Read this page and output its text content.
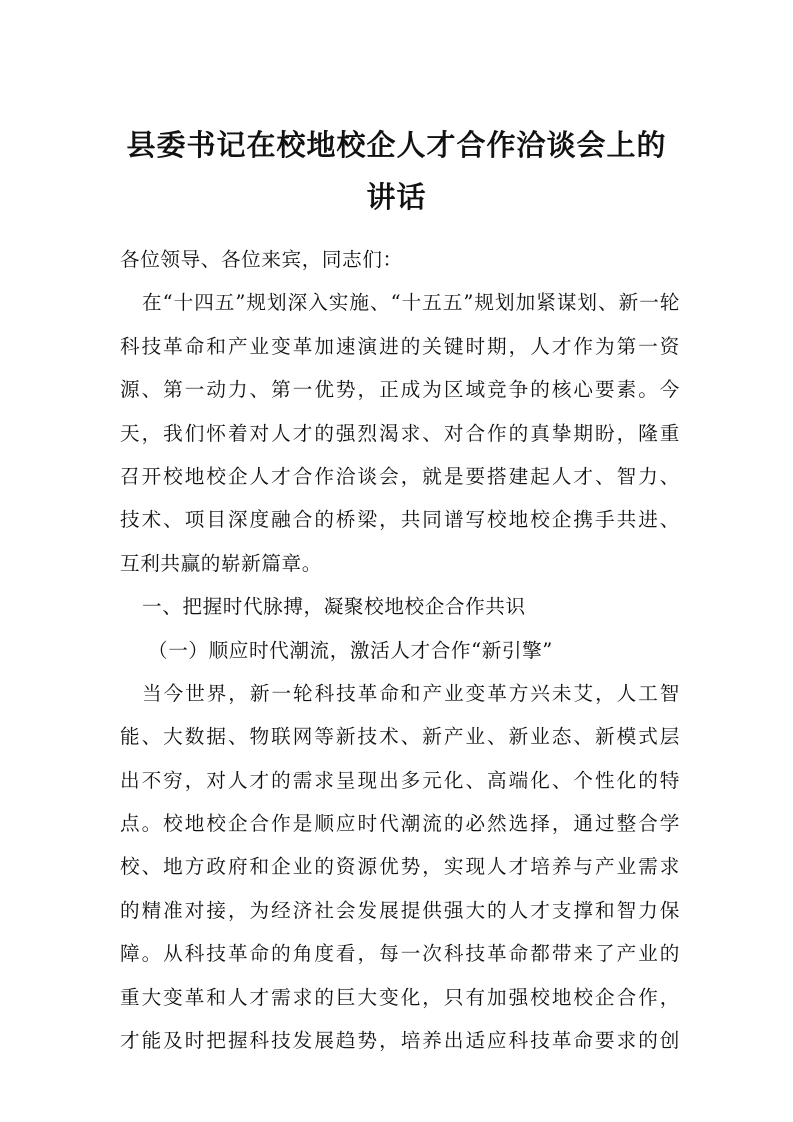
县委书记在校地校企人才合作洽谈会上的
讲话
各位领导、各位来宾，同志们：
在“十四五”规划深入实施、“十五五”规划加紧谋划、新一轮
科技革命和产业变革加速演进的关键时期，人才作为第一资
源、第一动力、第一优势，正成为区域竞争的核心要素。今
天，我们怀着对人才的强烈渴求、对合作的真挚期盼，隆重
召开校地校企人才合作洽谈会，就是要搭建起人才、智力、
技术、项目深度融合的桥梁，共同谱写校地校企携手共进、
互利共赢的崭新篇章。
一、把握时代脉搏，凝聚校地校企合作共识
（一）顺应时代潮流，激活人才合作“新引擎”
当今世界，新一轮科技革命和产业变革方兴未艾，人工智
能、大数据、物联网等新技术、新产业、新业态、新模式层
出不穷，对人才的需求呈现出多元化、高端化、个性化的特
点。校地校企合作是顺应时代潮流的必然选择，通过整合学
校、地方政府和企业的资源优势，实现人才培养与产业需求
的精准对接，为经济社会发展提供强大的人才支撑和智力保
障。从科技革命的角度看，每一次科技革命都带来了产业的
重大变革和人才需求的巨大变化，只有加强校地校企合作，
才能及时把握科技发展趋势，培养出适应科技革命要求的创
